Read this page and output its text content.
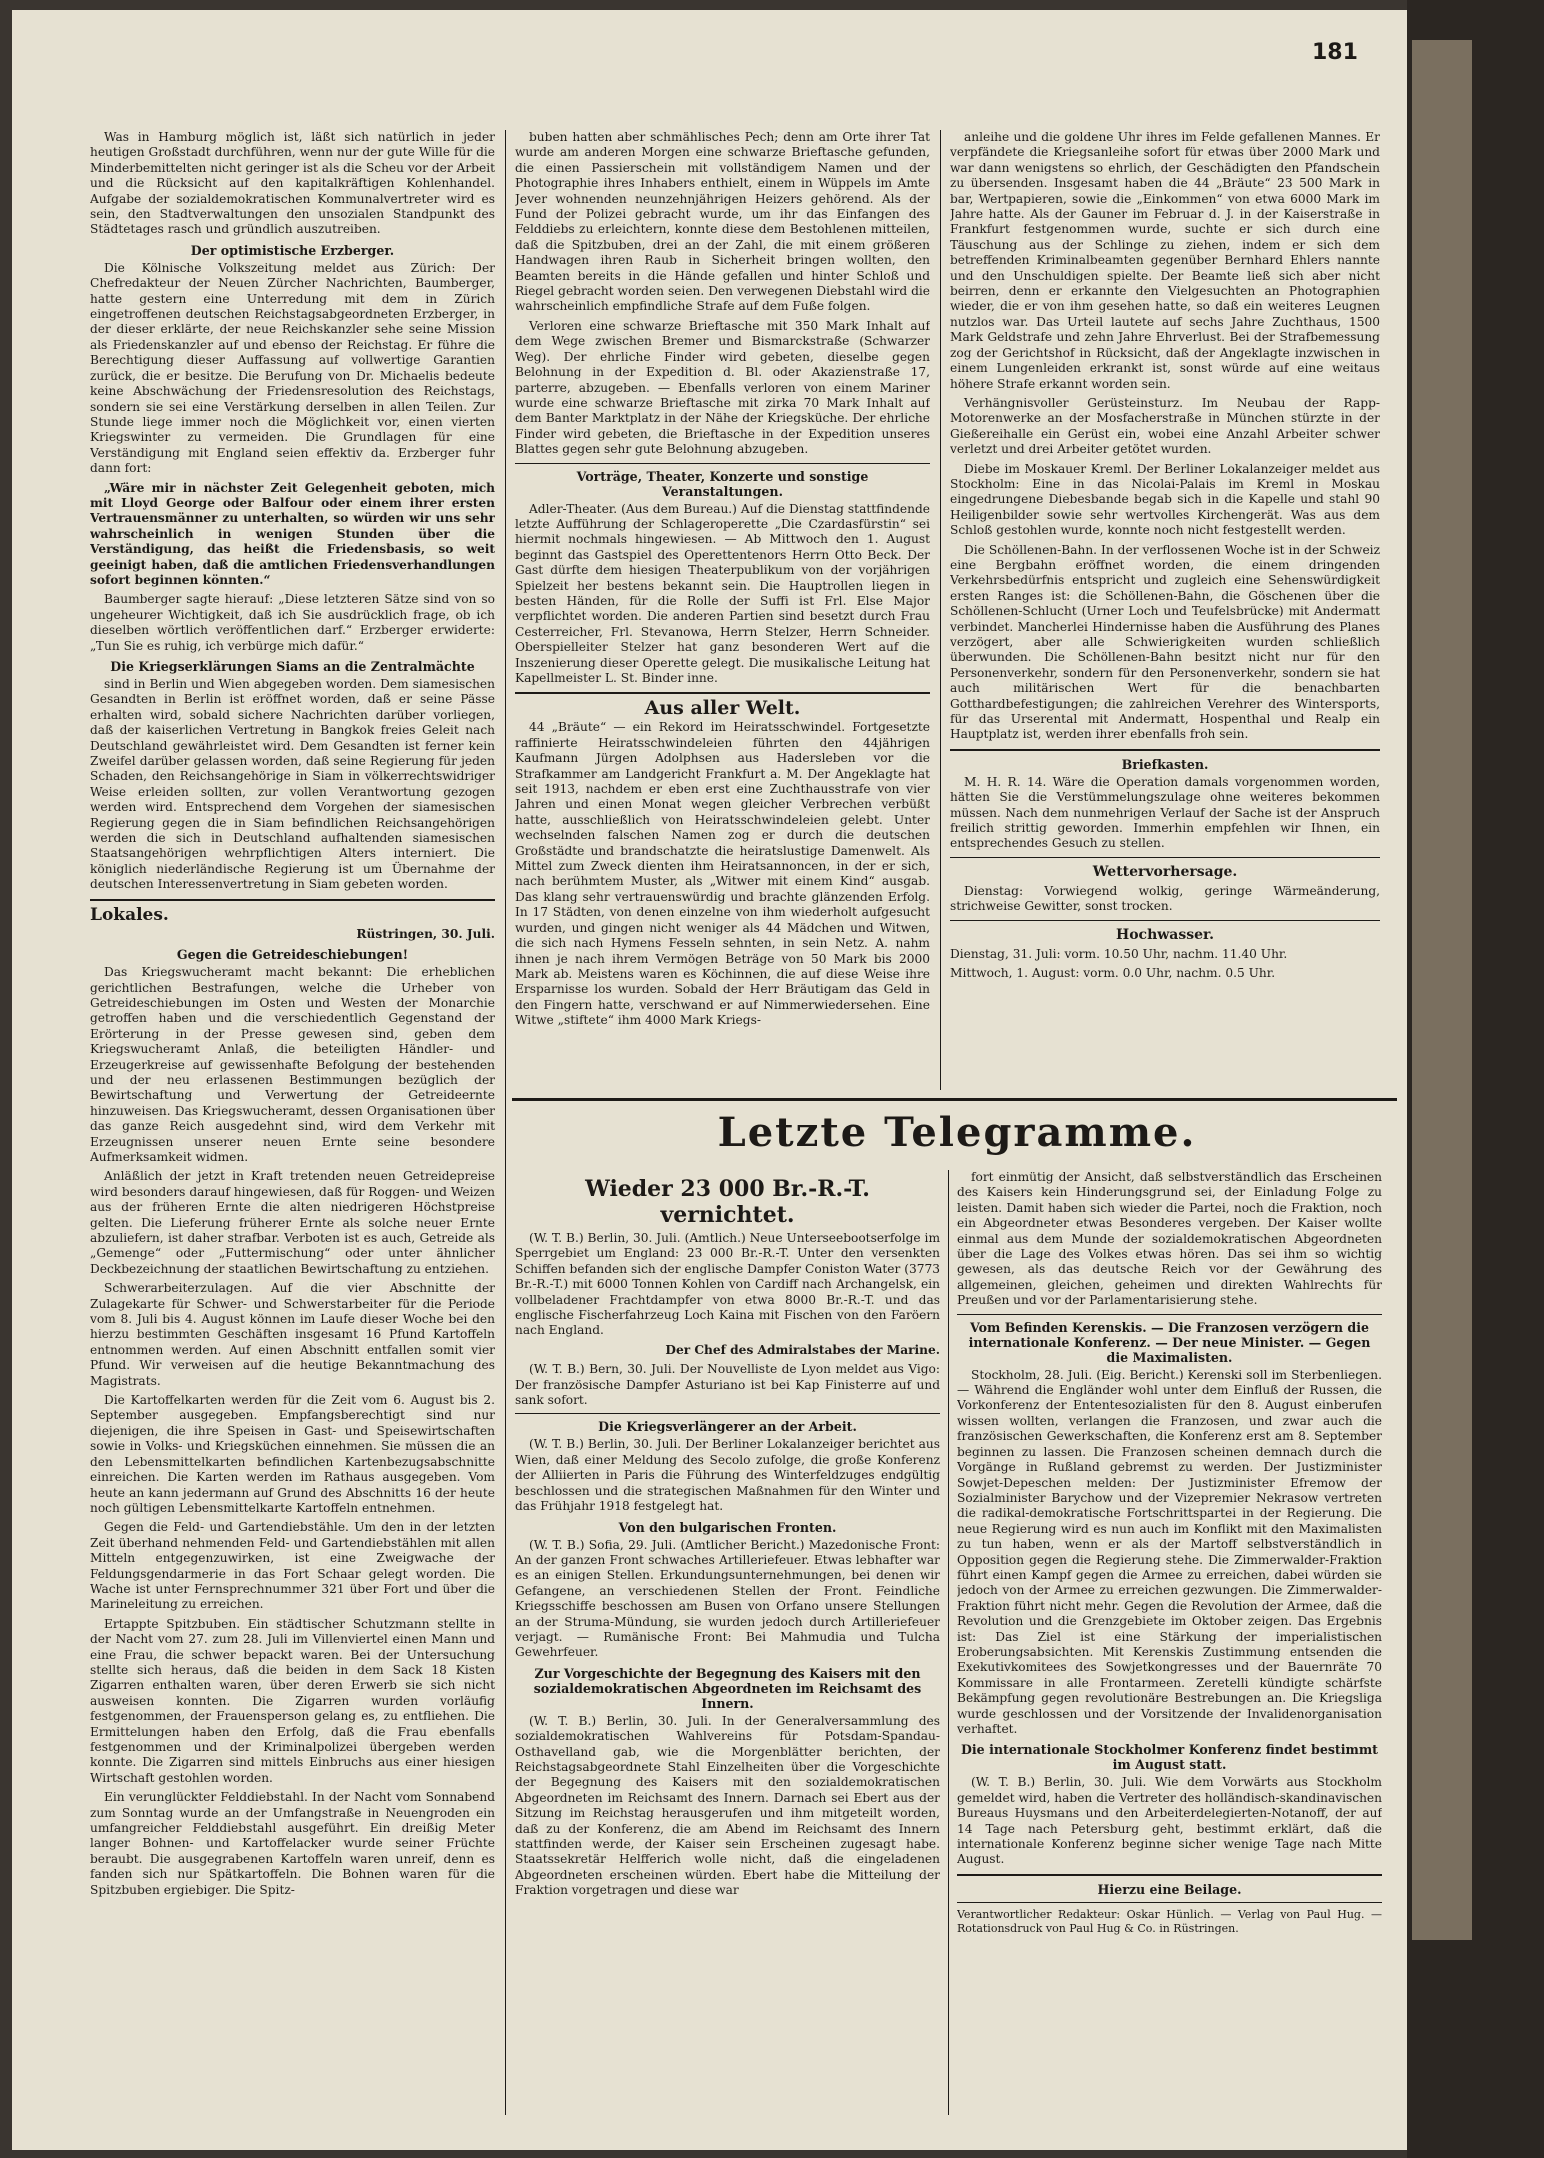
181

Was in Hamburg möglich ist, läßt sich natürlich in jeder heutigen Großstadt durchführen, wenn nur der gute Wille für die Minderbemittelten nicht geringer ist als die Scheu vor der Arbeit und die Rücksicht auf den kapitalkräftigen Kohlenhandel. Aufgabe der sozialdemokratischen Kommunalvertreter wird es sein, den Stadtverwaltungen den unsozialen Standpunkt des Städtetages rasch und gründlich auszutreiben.

Der optimistische Erzberger.

Die Kölnische Volkszeitung meldet aus Zürich: Der Chefredakteur der Neuen Zürcher Nachrichten, Baumberger, hatte gestern eine Unterredung mit dem in Zürich eingetroffenen deutschen Reichstagsabgeordneten Erzberger, in der dieser erklärte, der neue Reichskanzler sehe seine Mission als Friedenskanzler auf und ebenso der Reichstag. Er führe die Berechtigung dieser Auffassung auf vollwertige Garantien zurück, die er besitze. Die Berufung von Dr. Michaelis bedeute keine Abschwächung der Friedensresolution des Reichstags, sondern sie sei eine Verstärkung derselben in allen Teilen. Zur Stunde liege immer noch die Möglichkeit vor, einen vierten Kriegswinter zu vermeiden. Die Grundlagen für eine Verständigung mit England seien effektiv da. Erzberger fuhr dann fort:

„Wäre mir in nächster Zeit Gelegenheit geboten, mich mit Lloyd George oder Balfour oder einem ihrer ersten Vertrauensmänner zu unterhalten, so würden wir uns sehr wahrscheinlich in wenigen Stunden über die Verständigung, das heißt die Friedensbasis, so weit geeinigt haben, daß die amtlichen Friedensverhandlungen sofort beginnen könnten.“

Baumberger sagte hierauf: „Diese letzteren Sätze sind von so ungeheurer Wichtigkeit, daß ich Sie ausdrücklich frage, ob ich dieselben wörtlich veröffentlichen darf.“ Erzberger erwiderte: „Tun Sie es ruhig, ich verbürge mich dafür.“

Die Kriegserklärungen Siams an die Zentralmächte

sind in Berlin und Wien abgegeben worden. Dem siamesischen Gesandten in Berlin ist eröffnet worden, daß er seine Pässe erhalten wird, sobald sichere Nachrichten darüber vorliegen, daß der kaiserlichen Vertretung in Bangkok freies Geleit nach Deutschland gewährleistet wird. Dem Gesandten ist ferner kein Zweifel darüber gelassen worden, daß seine Regierung für jeden Schaden, den Reichsangehörige in Siam in völkerrechtswidriger Weise erleiden sollten, zur vollen Verantwortung gezogen werden wird. Entsprechend dem Vorgehen der siamesischen Regierung gegen die in Siam befindlichen Reichsangehörigen werden die sich in Deutschland aufhaltenden siamesischen Staatsangehörigen wehrpflichtigen Alters interniert. Die königlich niederländische Regierung ist um Übernahme der deutschen Interessenvertretung in Siam gebeten worden.

Lokales.
Rüstringen, 30. Juli.
Gegen die Getreideschiebungen!

Das Kriegswucheramt macht bekannt: Die erheblichen gerichtlichen Bestrafungen, welche die Urheber von Getreideschiebungen im Osten und Westen der Monarchie getroffen haben und die verschiedentlich Gegenstand der Erörterung in der Presse gewesen sind, geben dem Kriegswucheramt Anlaß, die beteiligten Händler- und Erzeugerkreise auf gewissenhafte Befolgung der bestehenden und der neu erlassenen Bestimmungen bezüglich der Bewirtschaftung und Verwertung der Getreideernte hinzuweisen. Das Kriegswucheramt, dessen Organisationen über das ganze Reich ausgedehnt sind, wird dem Verkehr mit Erzeugnissen unserer neuen Ernte seine besondere Aufmerksamkeit widmen.

Anläßlich der jetzt in Kraft tretenden neuen Getreidepreise wird besonders darauf hingewiesen, daß für Roggen- und Weizen aus der früheren Ernte die alten niedrigeren Höchstpreise gelten. Die Lieferung früherer Ernte als solche neuer Ernte abzuliefern, ist daher strafbar. Verboten ist es auch, Getreide als „Gemenge“ oder „Futtermischung“ oder unter ähnlicher Deckbezeichnung der staatlichen Bewirtschaftung zu entziehen.

Schwerarbeiterzulagen. Auf die vier Abschnitte der Zulagekarte für Schwer- und Schwerstarbeiter für die Periode vom 8. Juli bis 4. August können im Laufe dieser Woche bei den hierzu bestimmten Geschäften insgesamt 16 Pfund Kartoffeln entnommen werden. Auf einen Abschnitt entfallen somit vier Pfund. Wir verweisen auf die heutige Bekanntmachung des Magistrats.

Die Kartoffelkarten werden für die Zeit vom 6. August bis 2. September ausgegeben. Empfangsberechtigt sind nur diejenigen, die ihre Speisen in Gast- und Speisewirtschaften sowie in Volks- und Kriegsküchen einnehmen. Sie müssen die an den Lebensmittelkarten befindlichen Kartenbezugsabschnitte einreichen. Die Karten werden im Rathaus ausgegeben. Vom heute an kann jedermann auf Grund des Abschnitts 16 der heute noch gültigen Lebensmittelkarte Kartoffeln entnehmen.

Gegen die Feld- und Gartendiebstähle. Um den in der letzten Zeit überhand nehmenden Feld- und Gartendiebstählen mit allen Mitteln entgegenzuwirken, ist eine Zweigwache der Feldungsgendarmerie in das Fort Schaar gelegt worden. Die Wache ist unter Fernsprechnummer 321 über Fort und über die Marineleitung zu erreichen.

Ertappte Spitzbuben. Ein städtischer Schutzmann stellte in der Nacht vom 27. zum 28. Juli im Villenviertel einen Mann und eine Frau, die schwer bepackt waren. Bei der Untersuchung stellte sich heraus, daß die beiden in dem Sack 18 Kisten Zigarren enthalten waren, über deren Erwerb sie sich nicht ausweisen konnten. Die Zigarren wurden vorläufig festgenommen, der Frauensperson gelang es, zu entfliehen. Die Ermittelungen haben den Erfolg, daß die Frau ebenfalls festgenommen und der Kriminalpolizei übergeben werden konnte. Die Zigarren sind mittels Einbruchs aus einer hiesigen Wirtschaft gestohlen worden.

Ein verunglückter Felddiebstahl. In der Nacht vom Sonnabend zum Sonntag wurde an der Umfangstraße in Neuengroden ein umfangreicher Felddiebstahl ausgeführt. Ein dreißig Meter langer Bohnen- und Kartoffelacker wurde seiner Früchte beraubt. Die ausgegrabenen Kartoffeln waren unreif, denn es fanden sich nur Spätkartoffeln. Die Bohnen waren für die Spitzbuben ergiebiger. Die Spitz-

buben hatten aber schmählisches Pech; denn am Orte ihrer Tat wurde am anderen Morgen eine schwarze Brieftasche gefunden, die einen Passierschein mit vollständigem Namen und der Photographie ihres Inhabers enthielt, einem in Wüppels im Amte Jever wohnenden neunzehnjährigen Heizers gehörend. Als der Fund der Polizei gebracht wurde, um ihr das Einfangen des Felddiebs zu erleichtern, konnte diese dem Bestohlenen mitteilen, daß die Spitzbuben, drei an der Zahl, die mit einem größeren Handwagen ihren Raub in Sicherheit bringen wollten, den Beamten bereits in die Hände gefallen und hinter Schloß und Riegel gebracht worden seien. Den verwegenen Diebstahl wird die wahrscheinlich empfindliche Strafe auf dem Fuße folgen.

Verloren eine schwarze Brieftasche mit 350 Mark Inhalt auf dem Wege zwischen Bremer und Bismarckstraße (Schwarzer Weg). Der ehrliche Finder wird gebeten, dieselbe gegen Belohnung in der Expedition d. Bl. oder Akazienstraße 17, parterre, abzugeben. — Ebenfalls verloren von einem Mariner wurde eine schwarze Brieftasche mit zirka 70 Mark Inhalt auf dem Banter Marktplatz in der Nähe der Kriegsküche. Der ehrliche Finder wird gebeten, die Brieftasche in der Expedition unseres Blattes gegen sehr gute Belohnung abzugeben.

Vorträge, Theater, Konzerte und sonstige Veranstaltungen.

Adler-Theater. (Aus dem Bureau.) Auf die Dienstag stattfindende letzte Aufführung der Schlageroperette „Die Czardasfürstin“ sei hiermit nochmals hingewiesen. — Ab Mittwoch den 1. August beginnt das Gastspiel des Operettentenors Herrn Otto Beck. Der Gast dürfte dem hiesigen Theaterpublikum von der vorjährigen Spielzeit her bestens bekannt sein. Die Hauptrollen liegen in besten Händen, für die Rolle der Suffi ist Frl. Else Major verpflichtet worden. Die anderen Partien sind besetzt durch Frau Cesterreicher, Frl. Stevanowa, Herrn Stelzer, Herrn Schneider. Oberspielleiter Stelzer hat ganz besonderen Wert auf die Inszenierung dieser Operette gelegt. Die musikalische Leitung hat Kapellmeister L. St. Binder inne.

Aus aller Welt.

44 „Bräute“ — ein Rekord im Heiratsschwindel. Fortgesetzte raffinierte Heiratsschwindeleien führten den 44jährigen Kaufmann Jürgen Adolphsen aus Hadersleben vor die Strafkammer am Landgericht Frankfurt a. M. Der Angeklagte hat seit 1913, nachdem er eben erst eine Zuchthausstrafe von vier Jahren und einen Monat wegen gleicher Verbrechen verbüßt hatte, ausschließlich von Heiratsschwindeleien gelebt. Unter wechselnden falschen Namen zog er durch die deutschen Großstädte und brandschatzte die heiratslustige Damenwelt. Als Mittel zum Zweck dienten ihm Heiratsannoncen, in der er sich, nach berühmtem Muster, als „Witwer mit einem Kind“ ausgab. Das klang sehr vertrauenswürdig und brachte glänzenden Erfolg. In 17 Städten, von denen einzelne von ihm wiederholt aufgesucht wurden, und gingen nicht weniger als 44 Mädchen und Witwen, die sich nach Hymens Fesseln sehnten, in sein Netz. A. nahm ihnen je nach ihrem Vermögen Beträge von 50 Mark bis 2000 Mark ab. Meistens waren es Köchinnen, die auf diese Weise ihre Ersparnisse los wurden. Sobald der Herr Bräutigam das Geld in den Fingern hatte, verschwand er auf Nimmerwiedersehen. Eine Witwe „stiftete“ ihm 4000 Mark Kriegs-

anleihe und die goldene Uhr ihres im Felde gefallenen Mannes. Er verpfändete die Kriegsanleihe sofort für etwas über 2000 Mark und war dann wenigstens so ehrlich, der Geschädigten den Pfandschein zu übersenden. Insgesamt haben die 44 „Bräute“ 23 500 Mark in bar, Wertpapieren, sowie die „Einkommen“ von etwa 6000 Mark im Jahre hatte. Als der Gauner im Februar d. J. in der Kaiserstraße in Frankfurt festgenommen wurde, suchte er sich durch eine Täuschung aus der Schlinge zu ziehen, indem er sich dem betreffenden Kriminalbeamten gegenüber Bernhard Ehlers nannte und den Unschuldigen spielte. Der Beamte ließ sich aber nicht beirren, denn er erkannte den Vielgesuchten an Photographien wieder, die er von ihm gesehen hatte, so daß ein weiteres Leugnen nutzlos war. Das Urteil lautete auf sechs Jahre Zuchthaus, 1500 Mark Geldstrafe und zehn Jahre Ehrverlust. Bei der Strafbemessung zog der Gerichtshof in Rücksicht, daß der Angeklagte inzwischen in einem Lungenleiden erkrankt ist, sonst würde auf eine weitaus höhere Strafe erkannt worden sein.

Verhängnisvoller Gerüsteinsturz. Im Neubau der Rapp-Motorenwerke an der Mosfacherstraße in München stürzte in der Gießereihalle ein Gerüst ein, wobei eine Anzahl Arbeiter schwer verletzt und drei Arbeiter getötet wurden.

Diebe im Moskauer Kreml. Der Berliner Lokalanzeiger meldet aus Stockholm: Eine in das Nicolai-Palais im Kreml in Moskau eingedrungene Diebesbande begab sich in die Kapelle und stahl 90 Heiligenbilder sowie sehr wertvolles Kirchengerät. Was aus dem Schloß gestohlen wurde, konnte noch nicht festgestellt werden.

Die Schöllenen-Bahn. In der verflossenen Woche ist in der Schweiz eine Bergbahn eröffnet worden, die einem dringenden Verkehrsbedürfnis entspricht und zugleich eine Sehenswürdigkeit ersten Ranges ist: die Schöllenen-Bahn, die Göschenen über die Schöllenen-Schlucht (Urner Loch und Teufelsbrücke) mit Andermatt verbindet. Mancherlei Hindernisse haben die Ausführung des Planes verzögert, aber alle Schwierigkeiten wurden schließlich überwunden. Die Schöllenen-Bahn besitzt nicht nur für den Personenverkehr, sondern für den Personenverkehr, sondern sie hat auch militärischen Wert für die benachbarten Gotthardbefestigungen; die zahlreichen Verehrer des Wintersports, für das Urserental mit Andermatt, Hospenthal und Realp ein Hauptplatz ist, werden ihrer ebenfalls froh sein.

Briefkasten.

M. H. R. 14. Wäre die Operation damals vorgenommen worden, hätten Sie die Verstümmelungszulage ohne weiteres bekommen müssen. Nach dem nunmehrigen Verlauf der Sache ist der Anspruch freilich strittig geworden. Immerhin empfehlen wir Ihnen, ein entsprechendes Gesuch zu stellen.

Wettervorhersage.

Dienstag: Vorwiegend wolkig, geringe Wärmeänderung, strichweise Gewitter, sonst trocken.

Hochwasser.

Dienstag, 31. Juli: vorm. 10.50 Uhr, nachm. 11.40 Uhr.

Mittwoch, 1. August: vorm. 0.0 Uhr, nachm. 0.5 Uhr.

Letzte Telegramme.
Wieder 23 000 Br.-R.-T. vernichtet.

(W. T. B.) Berlin, 30. Juli. (Amtlich.) Neue Unterseebootserfolge im Sperrgebiet um England: 23 000 Br.-R.-T. Unter den versenkten Schiffen befanden sich der englische Dampfer Coniston Water (3773 Br.-R.-T.) mit 6000 Tonnen Kohlen von Cardiff nach Archangelsk, ein vollbeladener Frachtdampfer von etwa 8000 Br.-R.-T. und das englische Fischerfahrzeug Loch Kaina mit Fischen von den Faröern nach England.

Der Chef des Admiralstabes der Marine.

(W. T. B.) Bern, 30. Juli. Der Nouvelliste de Lyon meldet aus Vigo: Der französische Dampfer Asturiano ist bei Kap Finisterre auf und sank sofort.

Die Kriegsverlängerer an der Arbeit.

(W. T. B.) Berlin, 30. Juli. Der Berliner Lokalanzeiger berichtet aus Wien, daß einer Meldung des Secolo zufolge, die große Konferenz der Alliierten in Paris die Führung des Winterfeldzuges endgültig beschlossen und die strategischen Maßnahmen für den Winter und das Frühjahr 1918 festgelegt hat.

Von den bulgarischen Fronten.

(W. T. B.) Sofia, 29. Juli. (Amtlicher Bericht.) Mazedonische Front: An der ganzen Front schwaches Artilleriefeuer. Etwas lebhafter war es an einigen Stellen. Erkundungsunternehmungen, bei denen wir Gefangene, an verschiedenen Stellen der Front. Feindliche Kriegsschiffe beschossen am Busen von Orfano unsere Stellungen an der Struma-Mündung, sie wurden jedoch durch Artilleriefeuer verjagt. — Rumänische Front: Bei Mahmudia und Tulcha Gewehrfeuer.

Zur Vorgeschichte der Begegnung des Kaisers mit den sozialdemokratischen Abgeordneten im Reichsamt des Innern.

(W. T. B.) Berlin, 30. Juli. In der Generalversammlung des sozialdemokratischen Wahlvereins für Potsdam-Spandau-Osthavelland gab, wie die Morgenblätter berichten, der Reichstagsabgeordnete Stahl Einzelheiten über die Vorgeschichte der Begegnung des Kaisers mit den sozialdemokratischen Abgeordneten im Reichsamt des Innern. Darnach sei Ebert aus der Sitzung im Reichstag herausgerufen und ihm mitgeteilt worden, daß zu der Konferenz, die am Abend im Reichsamt des Innern stattfinden werde, der Kaiser sein Erscheinen zugesagt habe. Staatssekretär Helfferich wolle nicht, daß die eingeladenen Abgeordneten erscheinen würden. Ebert habe die Mitteilung der Fraktion vorgetragen und diese war

fort einmütig der Ansicht, daß selbstverständlich das Erscheinen des Kaisers kein Hinderungsgrund sei, der Einladung Folge zu leisten. Damit haben sich wieder die Partei, noch die Fraktion, noch ein Abgeordneter etwas Besonderes vergeben. Der Kaiser wollte einmal aus dem Munde der sozialdemokratischen Abgeordneten über die Lage des Volkes etwas hören. Das sei ihm so wichtig gewesen, als das deutsche Reich vor der Gewährung des allgemeinen, gleichen, geheimen und direkten Wahlrechts für Preußen und vor der Parlamentarisierung stehe.

Vom Befinden Kerenskis. — Die Franzosen verzögern die internationale Konferenz. — Der neue Minister. — Gegen die Maximalisten.

Stockholm, 28. Juli. (Eig. Bericht.) Kerenski soll im Sterbenliegen. — Während die Engländer wohl unter dem Einfluß der Russen, die Vorkonferenz der Ententesozialisten für den 8. August einberufen wissen wollten, verlangen die Franzosen, und zwar auch die französischen Gewerkschaften, die Konferenz erst am 8. September beginnen zu lassen. Die Franzosen scheinen demnach durch die Vorgänge in Rußland gebremst zu werden. Der Justizminister Sowjet-Depeschen melden: Der Justizminister Efremow der Sozialminister Barychow und der Vizepremier Nekrasow vertreten die radikal-demokratische Fortschrittspartei in der Regierung. Die neue Regierung wird es nun auch im Konflikt mit den Maximalisten zu tun haben, wenn er als der Martoff selbstverständlich in Opposition gegen die Regierung stehe. Die Zimmerwalder-Fraktion führt einen Kampf gegen die Armee zu erreichen, dabei würden sie jedoch von der Armee zu erreichen gezwungen. Die Zimmerwalder-Fraktion führt nicht mehr. Gegen die Revolution der Armee, daß die Revolution und die Grenzgebiete im Oktober zeigen. Das Ergebnis ist: Das Ziel ist eine Stärkung der imperialistischen Eroberungsabsichten. Mit Kerenskis Zustimmung entsenden die Exekutivkomitees des Sowjetkongresses und der Bauernräte 70 Kommissare in alle Frontarmeen. Zeretelli kündigte schärfste Bekämpfung gegen revolutionäre Bestrebungen an. Die Kriegsliga wurde geschlossen und der Vorsitzende der Invalidenorganisation verhaftet.

Die internationale Stockholmer Konferenz findet bestimmt im August statt.

(W. T. B.) Berlin, 30. Juli. Wie dem Vorwärts aus Stockholm gemeldet wird, haben die Vertreter des holländisch-skandinavischen Bureaus Huysmans und den Arbeiterdelegierten-Notanoff, der auf 14 Tage nach Petersburg geht, bestimmt erklärt, daß die internationale Konferenz beginne sicher wenige Tage nach Mitte August.

Hierzu eine Beilage.

Verantwortlicher Redakteur: Oskar Hünlich. — Verlag von Paul Hug. — Rotationsdruck von Paul Hug & Co. in Rüstringen.
